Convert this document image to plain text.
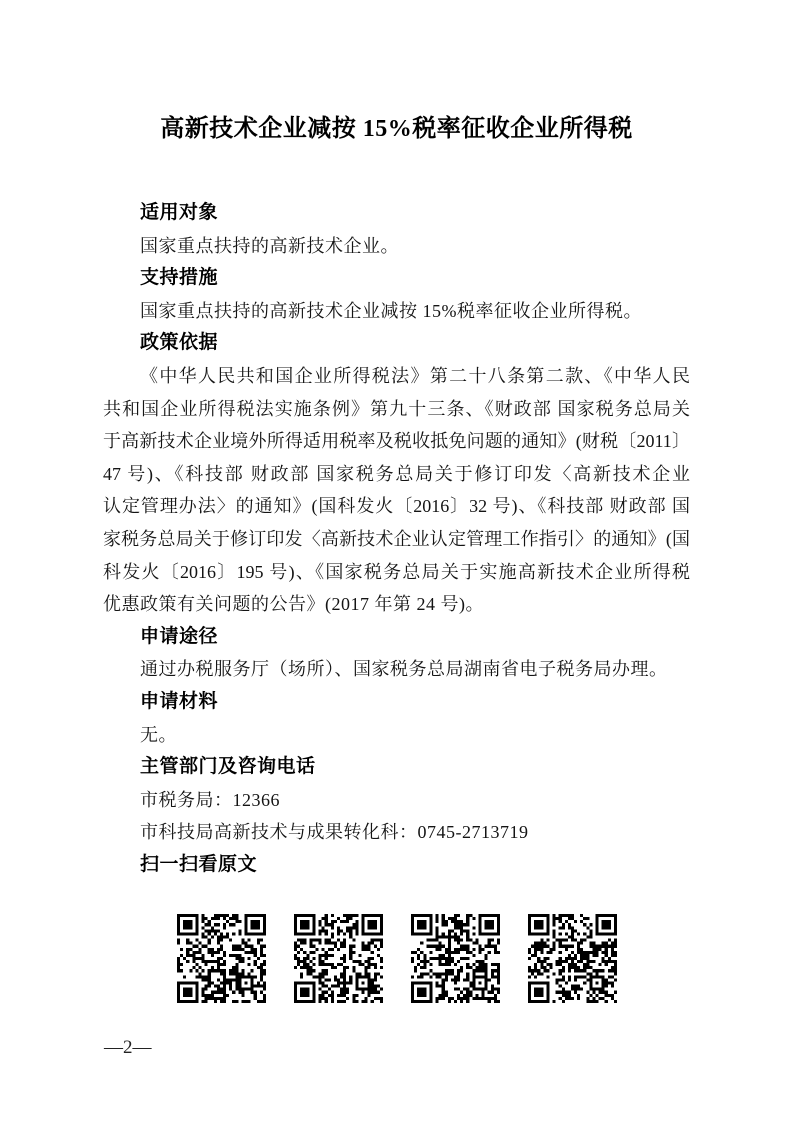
高新技术企业减按 15%税率征收企业所得税
适用对象
国家重点扶持的高新技术企业。
支持措施
国家重点扶持的高新技术企业减按 15%税率征收企业所得税。
政策依据
《中华人民共和国企业所得税法》第二十八条第二款、《中华人民
共和国企业所得税法实施条例》第九十三条、《财政部 国家税务总局关
于高新技术企业境外所得适用税率及税收抵免问题的通知》(财税〔2011〕
47 号)、《科技部 财政部 国家税务总局关于修订印发〈高新技术企业
认定管理办法〉的通知》(国科发火〔2016〕32 号)、《科技部 财政部 国
家税务总局关于修订印发〈高新技术企业认定管理工作指引〉的通知》(国
科发火〔2016〕195 号)、《国家税务总局关于实施高新技术企业所得税
优惠政策有关问题的公告》(2017 年第 24 号)。
申请途径
通过办税服务厅（场所）、国家税务总局湖南省电子税务局办理。
申请材料
无。
主管部门及咨询电话
市税务局：12366
市科技局高新技术与成果转化科：0745-2713719
扫一扫看原文
—2—
